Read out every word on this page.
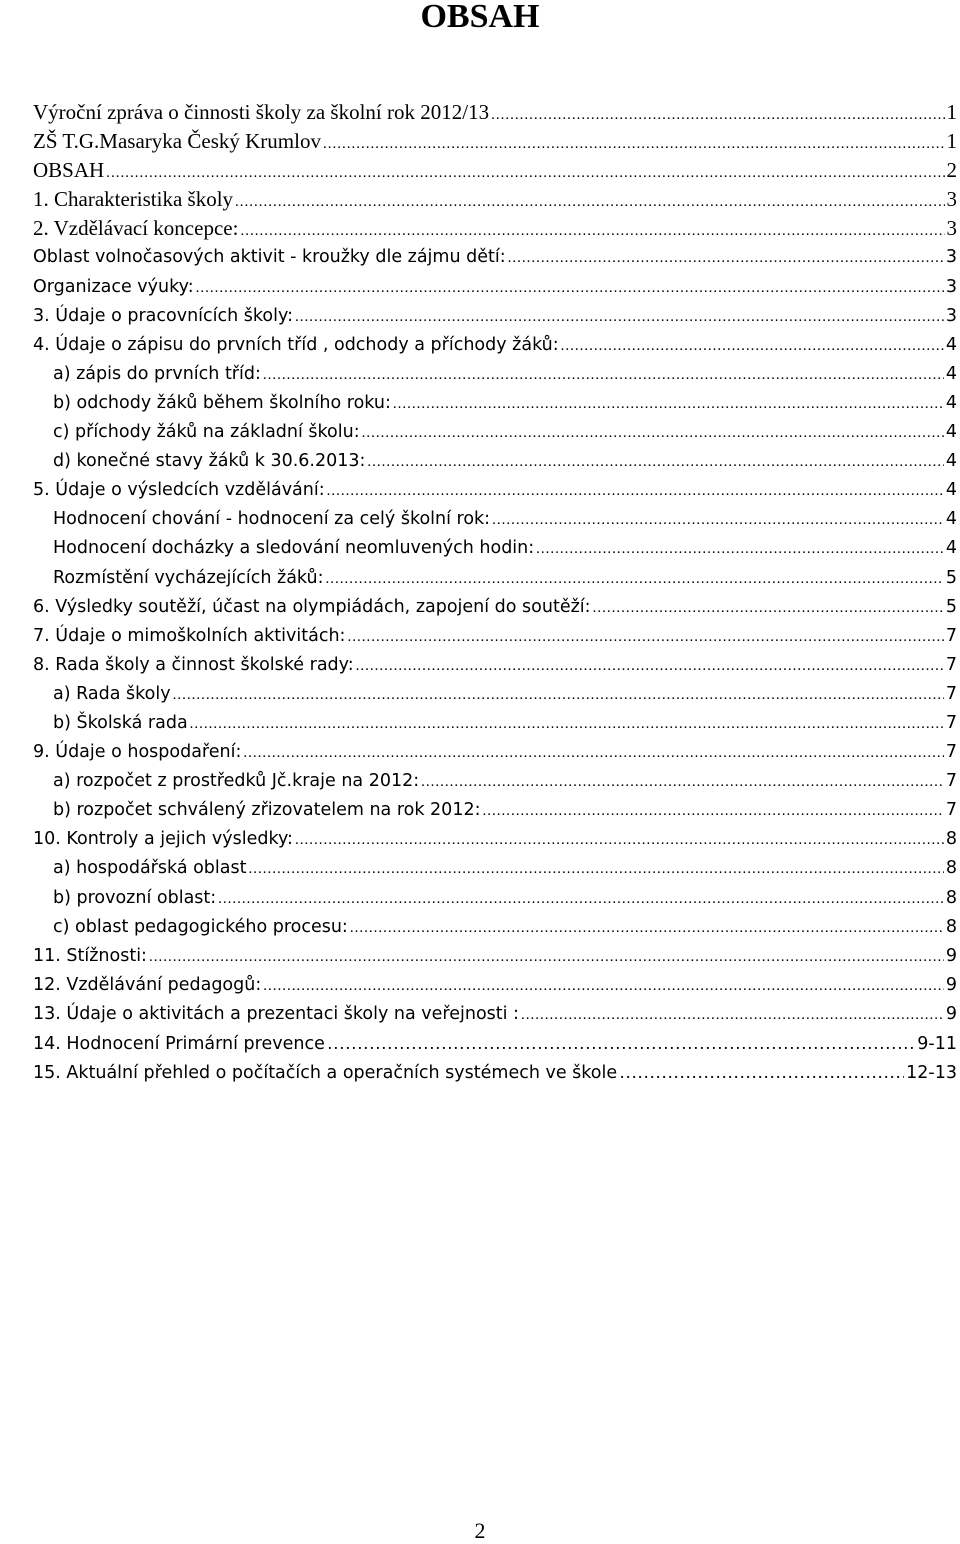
OBSAH
Výroční zpráva o činnosti školy za školní rok 2012/13 .....	1
ZŠ T.G.Masaryka Český Krumlov .....	1
OBSAH .....	2
1. Charakteristika školy .....	3
2. Vzdělávací koncepce: .....	3
Oblast volnočasových aktivit - kroužky dle zájmu dětí: .....	3
Organizace výuky: .....	3
3. Údaje o pracovnících školy: .....	3
4. Údaje o zápisu do prvních tříd , odchody a příchody žáků: .....	4
a) zápis do prvních tříd: .....	4
b) odchody žáků během školního roku: .....	4
c) příchody žáků na základní školu: .....	4
d) konečné stavy žáků k 30.6.2013: .....	4
5. Údaje o výsledcích vzdělávání: .....	4
Hodnocení chování - hodnocení za celý školní rok: .....	4
Hodnocení docházky a sledování neomluvených hodin: .....	4
Rozmístění vycházejících žáků: .....	5
6. Výsledky soutěží, účast na olympiádách, zapojení do soutěží: .....	5
7. Údaje o mimoškolních aktivitách: .....	7
8. Rada školy a činnost školské rady: .....	7
a) Rada školy .....	7
b) Školská rada .....	7
9. Údaje o hospodaření: .....	7
a) rozpočet z prostředků Jč.kraje na 2012: .....	7
b) rozpočet schválený zřizovatelem na rok 2012: .....	7
10. Kontroly a jejich výsledky: .....	8
a) hospodářská oblast .....	8
b) provozní oblast: .....	8
c) oblast pedagogického procesu: .....	8
11. Stížnosti: .....	9
12. Vzdělávání pedagogů: .....	9
13. Údaje o aktivitách a prezentaci školy na veřejnosti : .....	9
14. Hodnocení Primární prevence ………………………………………………………………………………………………………………	9-11
15. Aktuální přehled o počítačích a operačních systémech ve škole ………………………………………………………………………………………………………………	12-13
2
